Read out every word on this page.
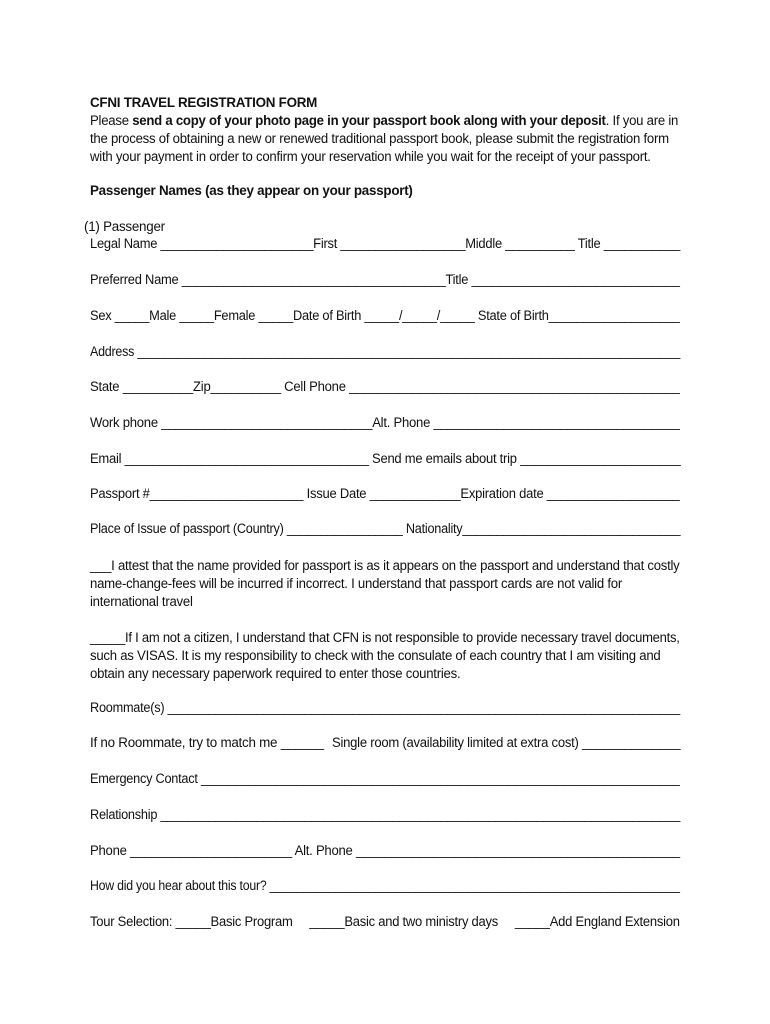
CFNI TRAVEL REGISTRATION FORM

Please send a copy of your photo page in your passport book along with your deposit. If you are in

the process of obtaining a new or renewed traditional passport book, please submit the registration form

with your payment in order to confirm your reservation while you wait for the receipt of your passport.

Passenger Names (as they appear on your passport)
(1) Passenger
Legal Name ______________________First __________________Middle __________ Title ___________
Preferred Name ______________________________________Title ______________________________
Sex _____Male _____Female _____Date of Birth _____/_____/_____ State of Birth___________________
Address _________________________________________________________________________________
State __________Zip__________ Cell Phone _______________________________________________
Work phone ______________________________Alt. Phone ___________________________________
Email ___________________________________ Send me emails about trip _______________________
Passport #______________________ Issue Date _____________Expiration date ___________________
Place of Issue of passport (Country) _________________ Nationality________________________________

___I attest that the name provided for passport is as it appears on the passport and understand that costly

name-change-fees will be incurred if incorrect. I understand that passport cards are not valid for

international travel

_____If I am not a citizen, I understand that CFN is not responsible to provide necessary travel documents,

such as VISAS. It is my responsibility to check with the consulate of each country that I am visiting and

obtain any necessary paperwork required to enter those countries.

Roommate(s) ___________________________________________________________________________
If no Roommate, try to match me ______ Single room (availability limited at extra cost) ______________
Emergency Contact ______________________________________________________________________
Relationship ____________________________________________________________________________
Phone _______________________ Alt. Phone ______________________________________________
How did you hear about this tour? ______________________________________________________________
Tour Selection: _____Basic Program     _____Basic and two ministry days     _____Add England Extension
